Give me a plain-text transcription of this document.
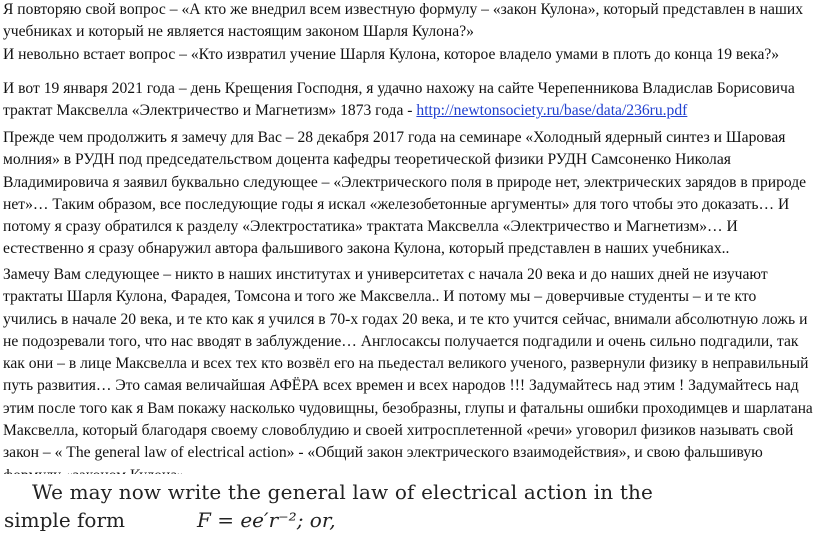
Я повторяю свой вопрос – «А кто же внедрил всем известную формулу – «закон Кулона», который представлен в наших
учебниках и который не является настоящим законом Шарля Кулона?»

И невольно встает вопрос – «Кто извратил учение Шарля Кулона, которое владело умами в плоть до конца 19 века?»

И вот 19 января 2021 года – день Крещения Господня, я удачно нахожу на сайте Черепенникова Владислав Борисовича
трактат Максвелла «Электричество и Магнетизм» 1873 года - http://newtonsociety.ru/base/data/236ru.pdf

Прежде чем продолжить я замечу для Вас – 28 декабря 2017 года на семинаре «Холодный ядерный синтез и Шаровая
молния» в РУДН под председательством доцента кафедры теоретической физики РУДН Самсоненко Николая
Владимировича я заявил буквально следующее – «Электрического поля в природе нет, электрических зарядов в природе
нет»… Таким образом, все последующие годы я искал «железобетонные аргументы» для того чтобы это доказать… И
потому я сразу обратился к разделу «Электростатика» трактата Максвелла «Электричество и Магнетизм»… И
естественно я сразу обнаружил автора фальшивого закона Кулона, который представлен в наших учебниках..

Замечу Вам следующее – никто в наших институтах и университетах с начала 20 века и до наших дней не изучают
трактаты Шарля Кулона, Фарадея, Томсона и того же Максвелла.. И потому мы – доверчивые студенты – и те кто
учились в начале 20 века, и те кто как я учился в 70-х годах 20 века, и те кто учится сейчас, внимали абсолютную ложь и
не подозревали того, что нас вводят в заблуждение… Англосаксы получается подгадили и очень сильно подгадили, так
как они – в лице Максвелла и всех тех кто возвёл его на пьедестал великого ученого, развернули физику в неправильный
путь развития… Это самая величайшая АФЁРА всех времен и всех народов !!! Задумайтесь над этим ! Задумайтесь над
этим после того как я Вам покажу насколько чудовищны, безобразны, глупы и фатальны ошибки проходимцев и шарлатана
Максвелла, который благодаря своему словоблудию и своей хитросплетенной «речи» уговорил физиков называть свой
закон – « The general law of electrical action» - «Общий закон электрического взаимодействия», и свою фальшивую

We may now write the general law of electrical action in the
simple form	F = ee′r⁻²; or,
